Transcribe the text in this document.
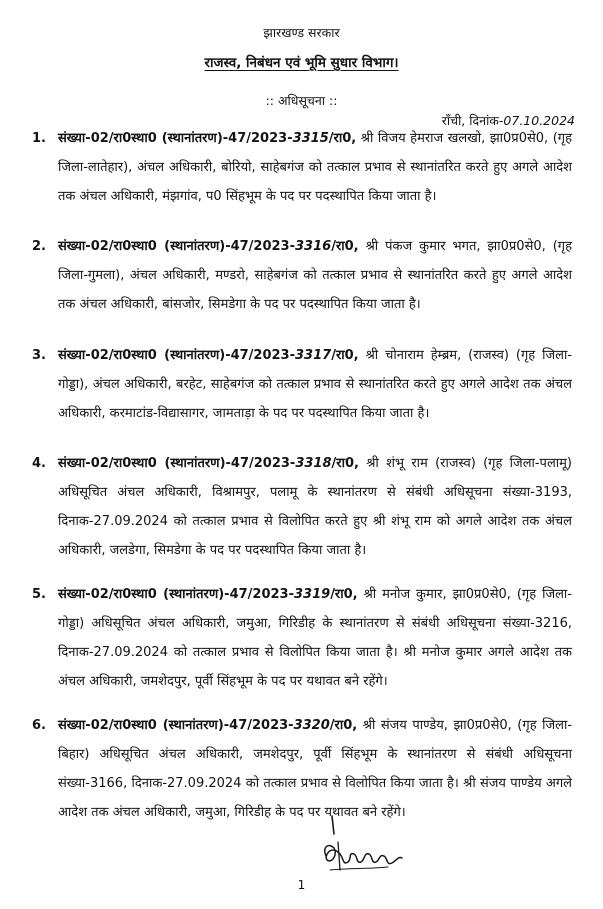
झारखण्ड सरकार
राजस्व, निबंधन एवं भूमि सुधार विभाग।
:: अधिसूचना ::
राँची, दिनांक-07.10.2024
1. संख्या-02/रा0स्था0 (स्थानांतरण)-47/2023-3315/रा0, श्री विजय हेमराज खलखो, झा0प्र0से0, (गृह जिला-लातेहार), अंचल अधिकारी, बोरियो, साहेबगंज को तत्काल प्रभाव से स्थानांतरित करते हुए अगले आदेश तक अंचल अधिकारी, मंझगांव, प0 सिंहभूम के पद पर पदस्थापित किया जाता है।

2. संख्या-02/रा0स्था0 (स्थानांतरण)-47/2023-3316/रा0, श्री पंकज कुमार भगत, झा0प्र0से0, (गृह जिला-गुमला), अंचल अधिकारी, मण्डरो, साहेबगंज को तत्काल प्रभाव से स्थानांतरित करते हुए अगले आदेश तक अंचल अधिकारी, बांसजोर, सिमडेगा के पद पर पदस्थापित किया जाता है।

3. संख्या-02/रा0स्था0 (स्थानांतरण)-47/2023-3317/रा0, श्री चोनाराम हेम्ब्रम, (राजस्व) (गृह जिला-गोड्डा), अंचल अधिकारी, बरहेट, साहेबगंज को तत्काल प्रभाव से स्थानांतरित करते हुए अगले आदेश तक अंचल अधिकारी, करमाटांड-विद्यासागर, जामताड़ा के पद पर पदस्थापित किया जाता है।

4. संख्या-02/रा0स्था0 (स्थानांतरण)-47/2023-3318/रा0, श्री शंभू राम (राजस्व) (गृह जिला-पलामू) अधिसूचित अंचल अधिकारी, विश्रामपुर, पलामू के स्थानांतरण से संबंधी अधिसूचना संख्या-3193, दिनाक-27.09.2024 को तत्काल प्रभाव से विलोपित करते हुए श्री शंभू राम को अगले आदेश तक अंचल अधिकारी, जलडेगा, सिमडेगा के पद पर पदस्थापित किया जाता है।

5. संख्या-02/रा0स्था0 (स्थानांतरण)-47/2023-3319/रा0, श्री मनोज कुमार, झा0प्र0से0, (गृह जिला-गोड्डा) अधिसूचित अंचल अधिकारी, जमुआ, गिरिडीह के स्थानांतरण से संबंधी अधिसूचना संख्या-3216, दिनाक-27.09.2024 को तत्काल प्रभाव से विलोपित किया जाता है। श्री मनोज कुमार अगले आदेश तक अंचल अधिकारी, जमशेदपुर, पूर्वी सिंहभूम के पद पर यथावत बने रहेंगे।

6. संख्या-02/रा0स्था0 (स्थानांतरण)-47/2023-3320/रा0, श्री संजय पाण्डेय, झा0प्र0से0, (गृह जिला-बिहार) अधिसूचित अंचल अधिकारी, जमशेदपुर, पूर्वी सिंहभूम के स्थानांतरण से संबंधी अधिसूचना संख्या-3166, दिनाक-27.09.2024 को तत्काल प्रभाव से विलोपित किया जाता है। श्री संजय पाण्डेय अगले आदेश तक अंचल अधिकारी, जमुआ, गिरिडीह के पद पर यथावत बने रहेंगे।

1
